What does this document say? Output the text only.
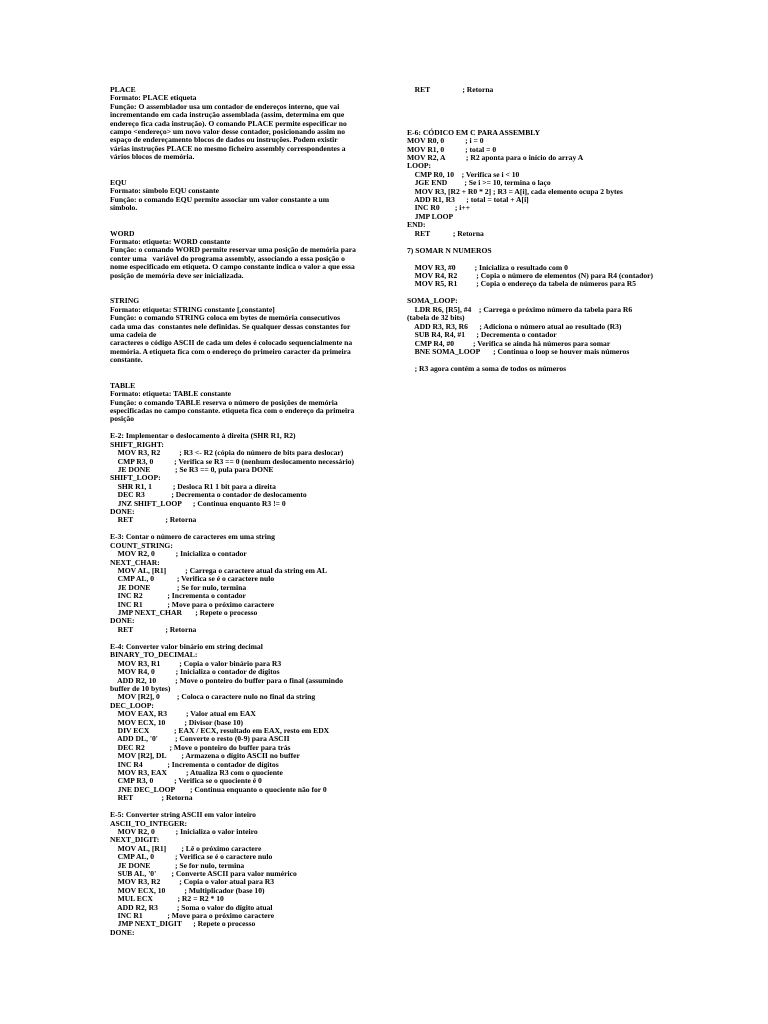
PLACE
Formato: PLACE etiqueta
Função: O assemblador usa um contador de endereços interno, que vai
incrementando em cada instrução assemblada (assim, determina em que
endereço fica cada instrução). O comando PLACE permite especificar no
campo <endereço> um novo valor desse contador, posicionando assim no
espaço de endereçamento blocos de dados ou instruções. Podem existir
várias instruções PLACE no mesmo ficheiro assembly correspondentes a
vários blocos de memória.
EQU
Formato: símbolo EQU constante
Função: o comando EQU permite associar um valor constante a um
símbolo.
WORD
Formato: etiqueta: WORD constante
Função: o comando WORD permite reservar uma posição de memória para
conter uma   variável do programa assembly, associando a essa posição o
nome especificado em etiqueta. O campo constante indica o valor a que essa
posição de memória deve ser inicializada.
STRING
Formato: etiqueta: STRING constante [,constante]
Função: o comando STRING coloca em bytes de memória consecutivos
cada uma das  constantes nele definidas. Se qualquer dessas constantes for
uma cadeia de
caracteres o código ASCII de cada um deles é colocado sequencialmente na
memória. A etiqueta fica com o endereço do primeiro caracter da primeira
constante.
TABLE
Formato: etiqueta: TABLE constante
Função: o comando TABLE reserva o número de posições de memória
especificadas no campo constante. etiqueta fica com o endereço da primeira
posição
E-2: Implementar o deslocamento à direita (SHR R1, R2)
SHIFT_RIGHT:
MOV R3, R2          ; R3 <- R2 (cópia do número de bits para deslocar)
CMP R3, 0           ; Verifica se R3 == 0 (nenhum deslocamento necessário)
JE DONE             ; Se R3 == 0, pula para DONE
SHIFT_LOOP:
SHR R1, 1           ; Desloca R1 1 bit para a direita
DEC R3              ; Decrementa o contador de deslocamento
JNZ SHIFT_LOOP      ; Continua enquanto R3 != 0
DONE:
RET                 ; Retorna
E-3: Contar o número de caracteres em uma string
COUNT_STRING:
MOV R2, 0           ; Inicializa o contador
NEXT_CHAR:
MOV AL, [R1]          ; Carrega o caractere atual da string em AL
CMP AL, 0            ; Verifica se é o caractere nulo
JE DONE              ; Se for nulo, termina
INC R2             ; Incrementa o contador
INC R1             ; Move para o próximo caractere
JMP NEXT_CHAR       ; Repete o processo
DONE:
RET                 ; Retorna
E-4: Converter valor binário em string decimal
BINARY_TO_DECIMAL:
MOV R3, R1          ; Copia o valor binário para R3
MOV R4, 0           ; Inicializa o contador de dígitos
ADD R2, 10          ; Move o ponteiro do buffer para o final (assumindo
buffer de 10 bytes)
MOV [R2], 0         ; Coloca o caractere nulo no final da string
DEC_LOOP:
MOV EAX, R3          ; Valor atual em EAX
MOV ECX, 10          ; Divisor (base 10)
DIV ECX             ; EAX / ECX, resultado em EAX, resto em EDX
ADD DL, '0'         ; Converte o resto (0-9) para ASCII
DEC R2             ; Move o ponteiro do buffer para trás
MOV [R2], DL        ; Armazena o dígito ASCII no buffer
INC R4             ; Incrementa o contador de dígitos
MOV R3, EAX          ; Atualiza R3 com o quociente
CMP R3, 0           ; Verifica se o quociente é 0
JNE DEC_LOOP        ; Continua enquanto o quociente não for 0
RET               ; Retorna
E-5: Converter string ASCII em valor inteiro
ASCII_TO_INTEGER:
MOV R2, 0           ; Inicializa o valor inteiro
NEXT_DIGIT:
MOV AL, [R1]        ; Lê o próximo caractere
CMP AL, 0           ; Verifica se é o caractere nulo
JE DONE             ; Se for nulo, termina
SUB AL, '0'        ; Converte ASCII para valor numérico
MOV R3, R2          ; Copia o valor atual para R3
MOV ECX, 10          ; Multiplicador (base 10)
MUL ECX             ; R2 = R2 * 10
ADD R2, R3          ; Soma o valor do dígito atual
INC R1             ; Move para o próximo caractere
JMP NEXT_DIGIT      ; Repete o processo
DONE:
RET                 ; Retorna
E-6: CÓDICO EM C PARA ASSEMBLY
MOV R0, 0           ; i = 0
MOV R1, 0           ; total = 0
MOV R2, A           ; R2 aponta para o início do array A
LOOP:
CMP R0, 10    ; Verifica se i < 10
JGE END         ; Se i >= 10, termina o laço
MOV R3, [R2 + R0 * 2] ; R3 = A[i], cada elemento ocupa 2 bytes
ADD R1, R3      ; total = total + A[i]
INC R0        ; i++
JMP LOOP
END:
RET            ; Retorna
7) SOMAR N NUMEROS
MOV R3, #0          ; Inicializa o resultado com 0
MOV R4, R2          ; Copia o número de elementos (N) para R4 (contador)
MOV R5, R1          ; Copia o endereço da tabela de números para R5
SOMA_LOOP:
LDR R6, [R5], #4    ; Carrega o próximo número da tabela para R6
(tabela de 32 bits)
ADD R3, R3, R6      ; Adiciona o número atual ao resultado (R3)
SUB R4, R4, #1      ; Decrementa o contador
CMP R4, #0          ; Verifica se ainda há números para somar
BNE SOMA_LOOP       ; Continua o loop se houver mais números
; R3 agora contém a soma de todos os números
